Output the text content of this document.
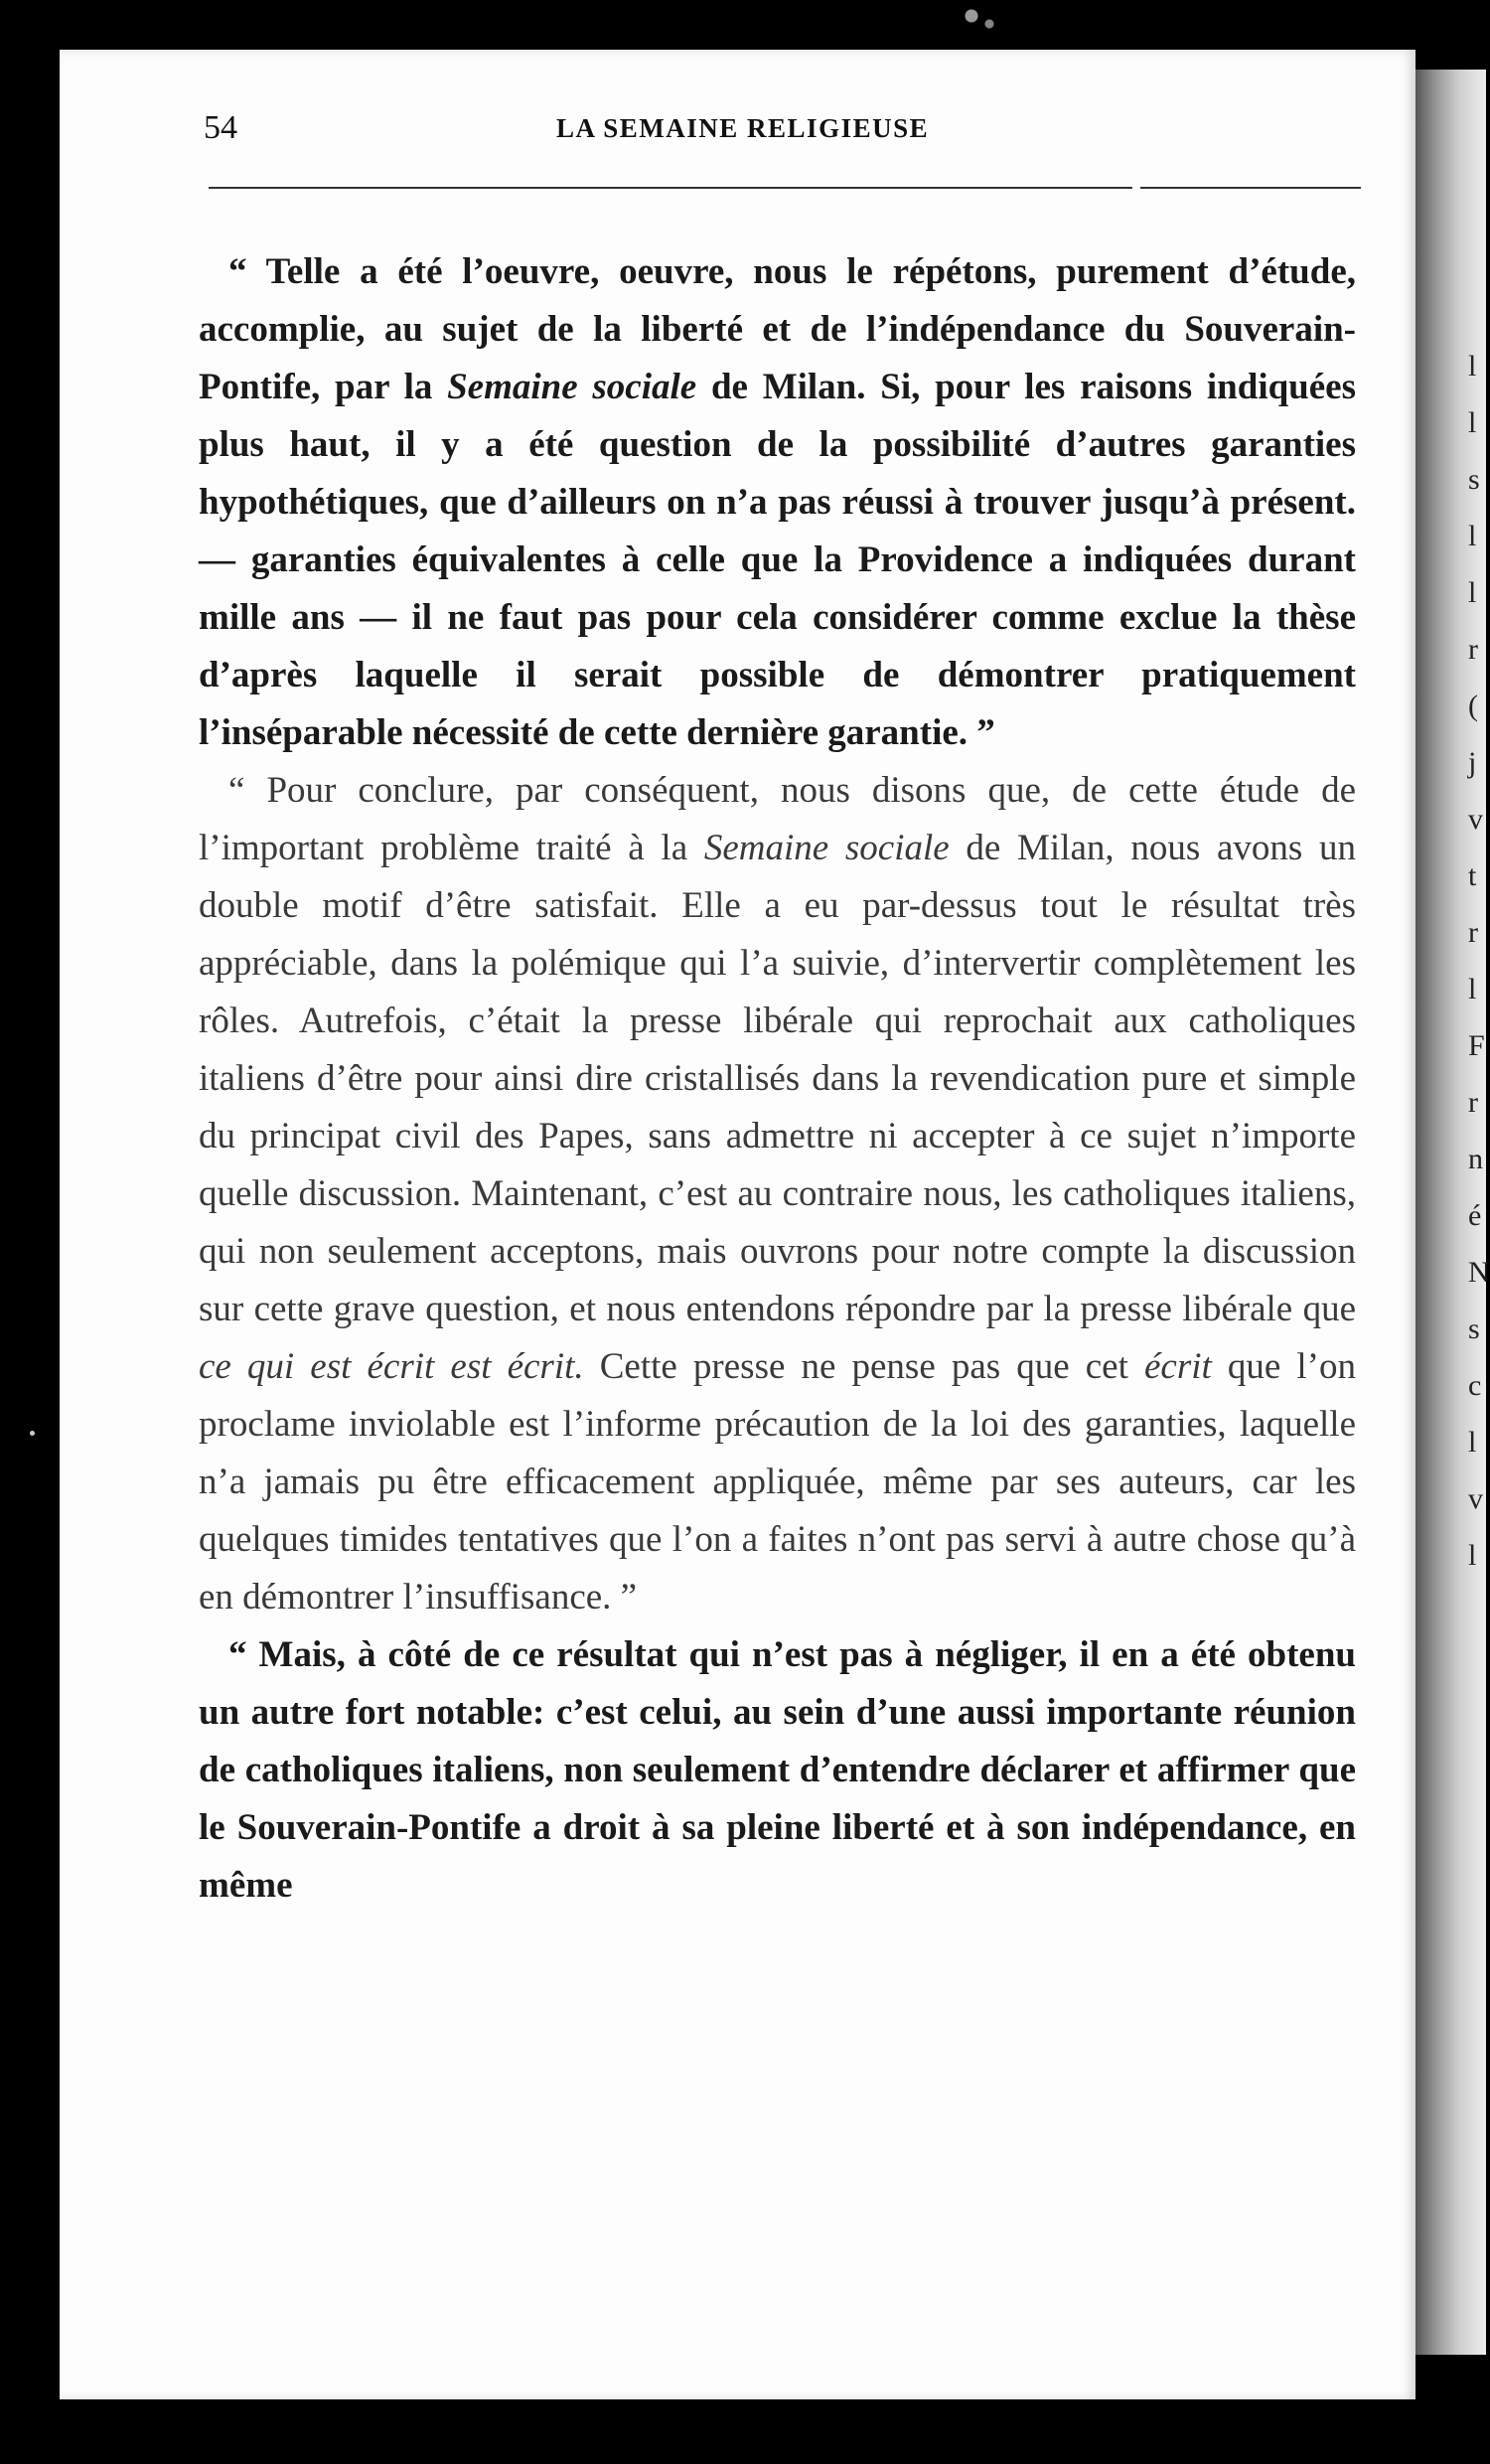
l
l
s
l
l
r
(
j
v
t
r
l
F
r
n
é
N
s
c
l
v
l
54	LA SEMAINE RELIGIEUSE

“ Telle a été l’oeuvre, oeuvre, nous le répétons, purement d’étude, accomplie, au sujet de la liberté et de l’indépendance du Souverain-Pontife, par la Semaine sociale de Milan. Si, pour les raisons indiquées plus haut, il y a été question de la possibilité d’autres garanties hypothétiques, que d’ailleurs on n’a pas réussi à trouver jusqu’à présent. — garanties équivalentes à celle que la Providence a indiquées durant mille ans — il ne faut pas pour cela considérer comme exclue la thèse d’après laquelle il serait possible de démontrer pratiquement l’inséparable nécessité de cette dernière garantie. ”

“ Pour conclure, par conséquent, nous disons que, de cette étude de l’important problème traité à la Semaine sociale de Milan, nous avons un double motif d’être satisfait. Elle a eu par-dessus tout le résultat très appréciable, dans la polémique qui l’a suivie, d’intervertir complètement les rôles. Autrefois, c’était la presse libérale qui reprochait aux catholiques italiens d’être pour ainsi dire cristallisés dans la revendication pure et simple du principat civil des Papes, sans admettre ni accepter à ce sujet n’importe quelle discussion. Maintenant, c’est au contraire nous, les catholiques italiens, qui non seulement acceptons, mais ouvrons pour notre compte la discussion sur cette grave question, et nous entendons répondre par la presse libérale que ce qui est écrit est écrit. Cette presse ne pense pas que cet écrit que l’on proclame inviolable est l’informe précaution de la loi des garanties, laquelle n’a jamais pu être efficacement appliquée, même par ses auteurs, car les quelques timides tentatives que l’on a faites n’ont pas servi à autre chose qu’à en démontrer l’insuffisance. ”

“ Mais, à côté de ce résultat qui n’est pas à négliger, il en a été obtenu un autre fort notable: c’est celui, au sein d’une aussi importante réunion de catholiques italiens, non seulement d’entendre déclarer et affirmer que le Souverain-Pontife a droit à sa pleine liberté et à son indépendance, en même
